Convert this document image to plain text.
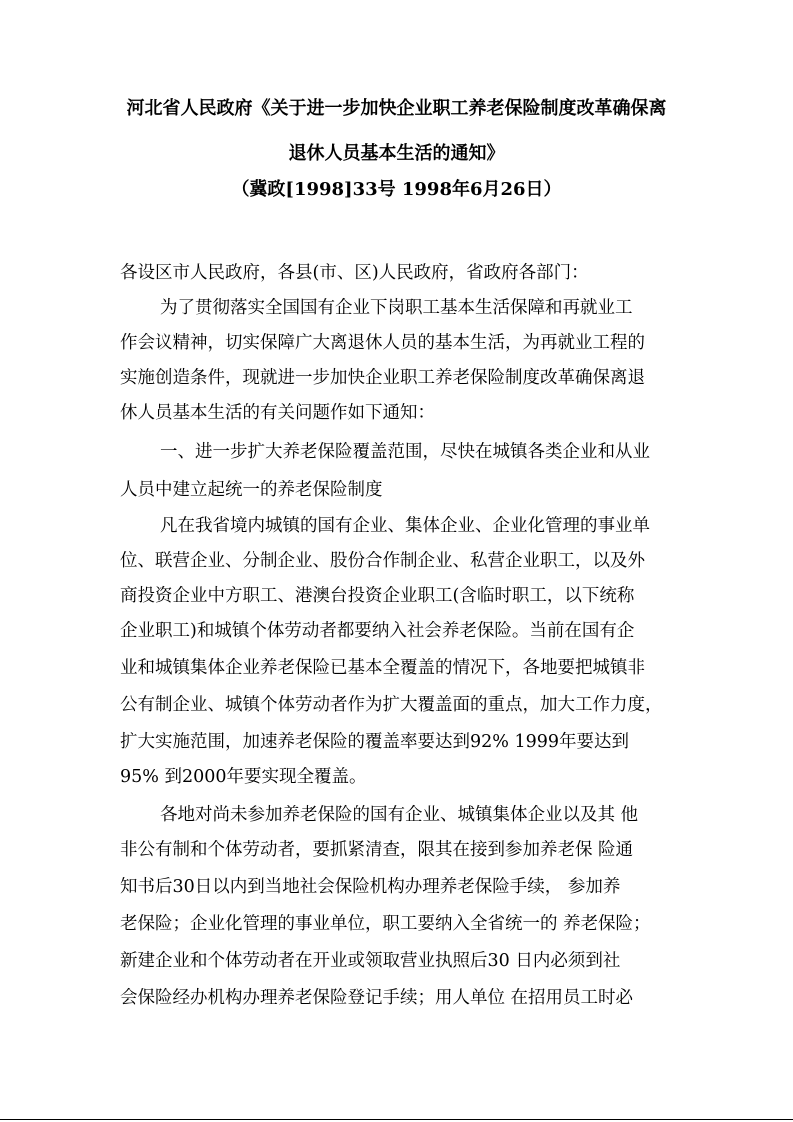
河北省人民政府《关于进一步加快企业职工养老保险制度改革确保离
退休人员基本生活的通知》
（冀政[1998]33号 1998年6月26日）
各设区市人民政府，各县(市、区)人民政府，省政府各部门：
为了贯彻落实全国国有企业下岗职工基本生活保障和再就业工
作会议精神，切实保障广大离退休人员的基本生活，为再就业工程的
实施创造条件，现就进一步加快企业职工养老保险制度改革确保离退
休人员基本生活的有关问题作如下通知：
一、进一步扩大养老保险覆盖范围，尽快在城镇各类企业和从业
人员中建立起统一的养老保险制度
凡在我省境内城镇的国有企业、集体企业、企业化管理的事业单
位、联营企业、分制企业、股份合作制企业、私营企业职工，以及外
商投资企业中方职工、港澳台投资企业职工(含临时职工，以下统称
企业职工)和城镇个体劳动者都要纳入社会养老保险。当前在国有企
业和城镇集体企业养老保险已基本全覆盖的情况下，各地要把城镇非
公有制企业、城镇个体劳动者作为扩大覆盖面的重点，加大工作力度，
扩大实施范围，加速养老保险的覆盖率要达到92% 1999年要达到
95% 到2000年要实现全覆盖。
各地对尚未参加养老保险的国有企业、城镇集体企业以及其 他
非公有制和个体劳动者，要抓紧清查，限其在接到参加养老保 险通
知书后30日以内到当地社会保险机构办理养老保险手续， 参加养
老保险；企业化管理的事业单位，职工要纳入全省统一的 养老保险；
新建企业和个体劳动者在开业或领取营业执照后30 日内必须到社
会保险经办机构办理养老保险登记手续；用人单位 在招用员工时必
